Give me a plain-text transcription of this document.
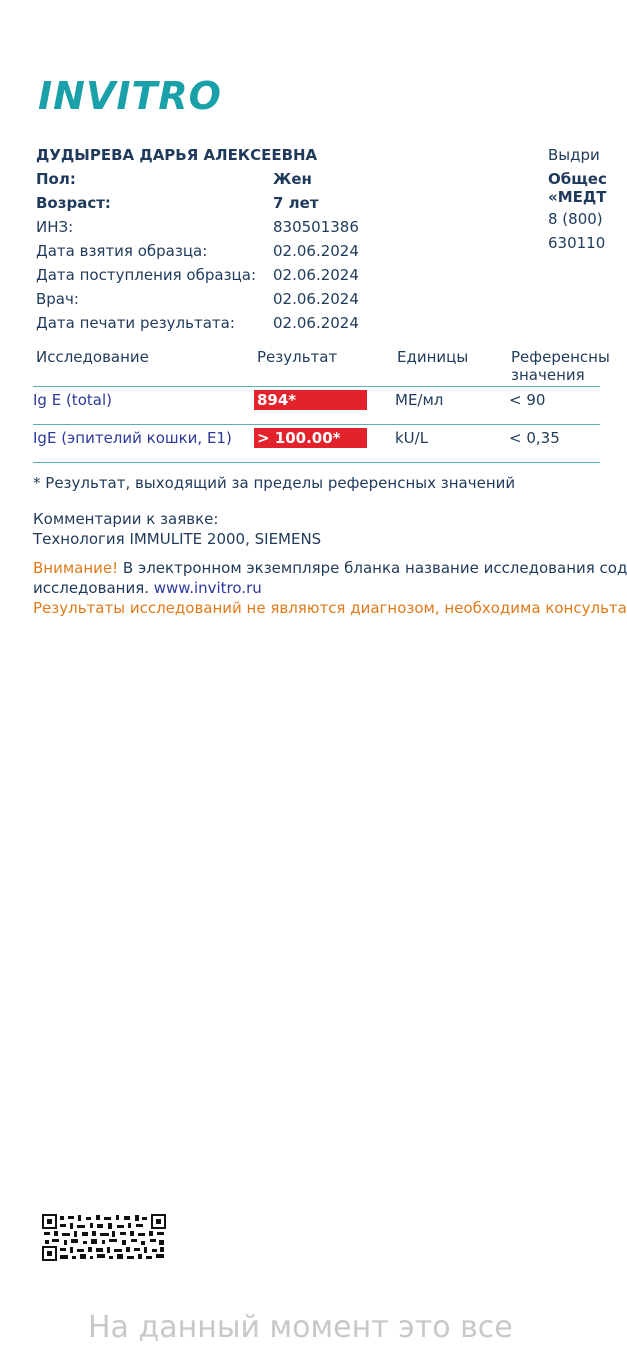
INVITRO
ДУДЫРЕВА ДАРЬЯ АЛЕКСЕЕВНА
Пол:	Жен
Возраст:	7 лет
ИНЗ:	830501386
Дата взятия образца:	02.06.2024
Дата поступления образца: 02.06.2024
Врач:	02.06.2024
Дата печати результата:	02.06.2024
Выдри
Общес
«МЕДТ
8 (800)
630110
Исследование	Результат	Единицы	Референсны
значения
Ig E (total)	894*	МЕ/мл	< 90
IgE (эпителий кошки, E1) > 100.00*	kU/L	< 0,35
* Результат, выходящий за пределы референсных значений
Комментарии к заявке:
Технология IMMULITE 2000, SIEMENS
Внимание! В электронном экземпляре бланка название исследования сод
исследования. www.invitro.ru
Результаты исследований не являются диагнозом, необходима консульта
На данный момент это все
